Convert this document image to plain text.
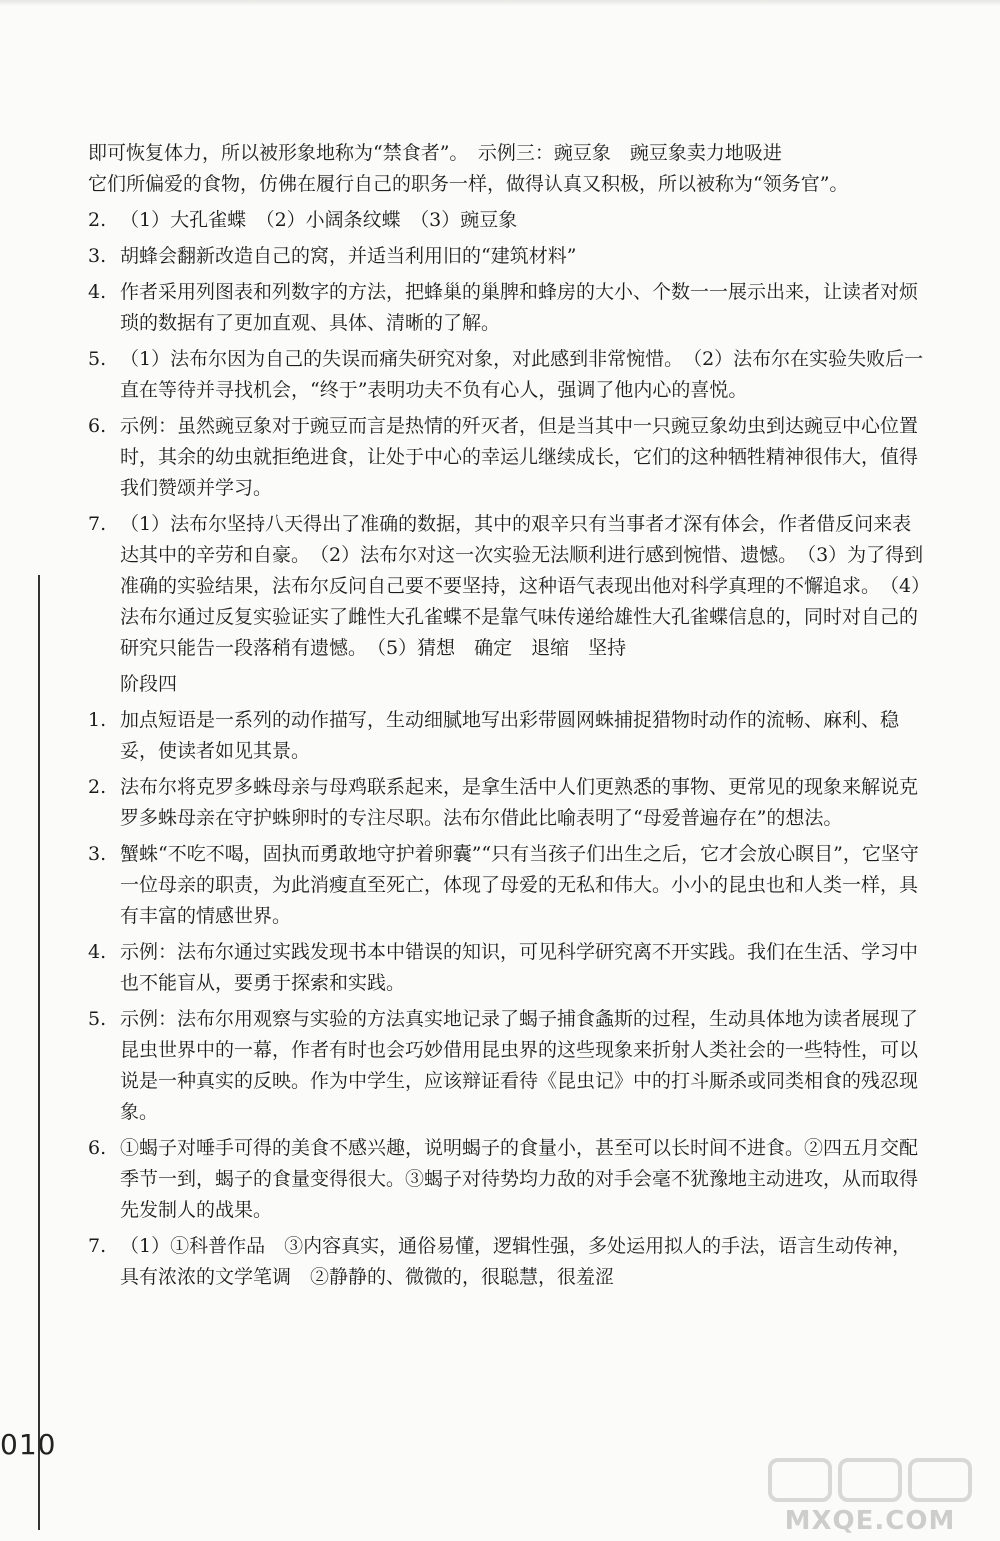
即可恢复体力，所以被形象地称为“禁食者”。　示例三：豌豆象　豌豆象卖力地吸进
它们所偏爱的食物，仿佛在履行自己的职务一样，做得认真又积极，所以被称为“领务官”。
2. （1）大孔雀蝶　（2）小阔条纹蝶　（3）豌豆象
3. 胡蜂会翻新改造自己的窝，并适当利用旧的“建筑材料”
4. 作者采用列图表和列数字的方法，把蜂巢的巢脾和蜂房的大小、个数一一展示出来，让读者对烦琐的数据有了更加直观、具体、清晰的了解。
5. （1）法布尔因为自己的失误而痛失研究对象，对此感到非常惋惜。　（2）法布尔在实验失败后一直在等待并寻找机会，“终于”表明功夫不负有心人，强调了他内心的喜悦。
6. 示例：虽然豌豆象对于豌豆而言是热情的歼灭者，但是当其中一只豌豆象幼虫到达豌豆中心位置时，其余的幼虫就拒绝进食，让处于中心的幸运儿继续成长，它们的这种牺牲精神很伟大，值得我们赞颂并学习。
7. （1）法布尔坚持八天得出了准确的数据，其中的艰辛只有当事者才深有体会，作者借反问来表达其中的辛劳和自豪。　（2）法布尔对这一次实验无法顺利进行感到惋惜、遗憾。　（3）为了得到准确的实验结果，法布尔反问自己要不要坚持，这种语气表现出他对科学真理的不懈追求。　（4）法布尔通过反复实验证实了雌性大孔雀蝶不是靠气味传递给雄性大孔雀蝶信息的，同时对自己的研究只能告一段落稍有遗憾。　（5）猜想　确定　退缩　坚持
阶段四
1. 加点短语是一系列的动作描写，生动细腻地写出彩带圆网蛛捕捉猎物时动作的流畅、麻利、稳妥，使读者如见其景。
2. 法布尔将克罗多蛛母亲与母鸡联系起来，是拿生活中人们更熟悉的事物、更常见的现象来解说克罗多蛛母亲在守护蛛卵时的专注尽职。法布尔借此比喻表明了“母爱普遍存在”的想法。
3. 蟹蛛“不吃不喝，固执而勇敢地守护着卵囊”“只有当孩子们出生之后，它才会放心瞑目”，它坚守一位母亲的职责，为此消瘦直至死亡，体现了母爱的无私和伟大。小小的昆虫也和人类一样，具有丰富的情感世界。
4. 示例：法布尔通过实践发现书本中错误的知识，可见科学研究离不开实践。我们在生活、学习中也不能盲从，要勇于探索和实践。
5. 示例：法布尔用观察与实验的方法真实地记录了蝎子捕食螽斯的过程，生动具体地为读者展现了昆虫世界中的一幕，作者有时也会巧妙借用昆虫界的这些现象来折射人类社会的一些特性，可以说是一种真实的反映。作为中学生，应该辩证看待《昆虫记》中的打斗厮杀或同类相食的残忍现象。
6. ①蝎子对唾手可得的美食不感兴趣，说明蝎子的食量小，甚至可以长时间不进食。②四五月交配季节一到，蝎子的食量变得很大。③蝎子对待势均力敌的对手会毫不犹豫地主动进攻，从而取得先发制人的战果。
7. （1）①科普作品　③内容真实，通俗易懂，逻辑性强，多处运用拟人的手法，语言生动传神，具有浓浓的文学笔调　②静静的、微微的，很聪慧，很羞涩
010
MXQE.COM
